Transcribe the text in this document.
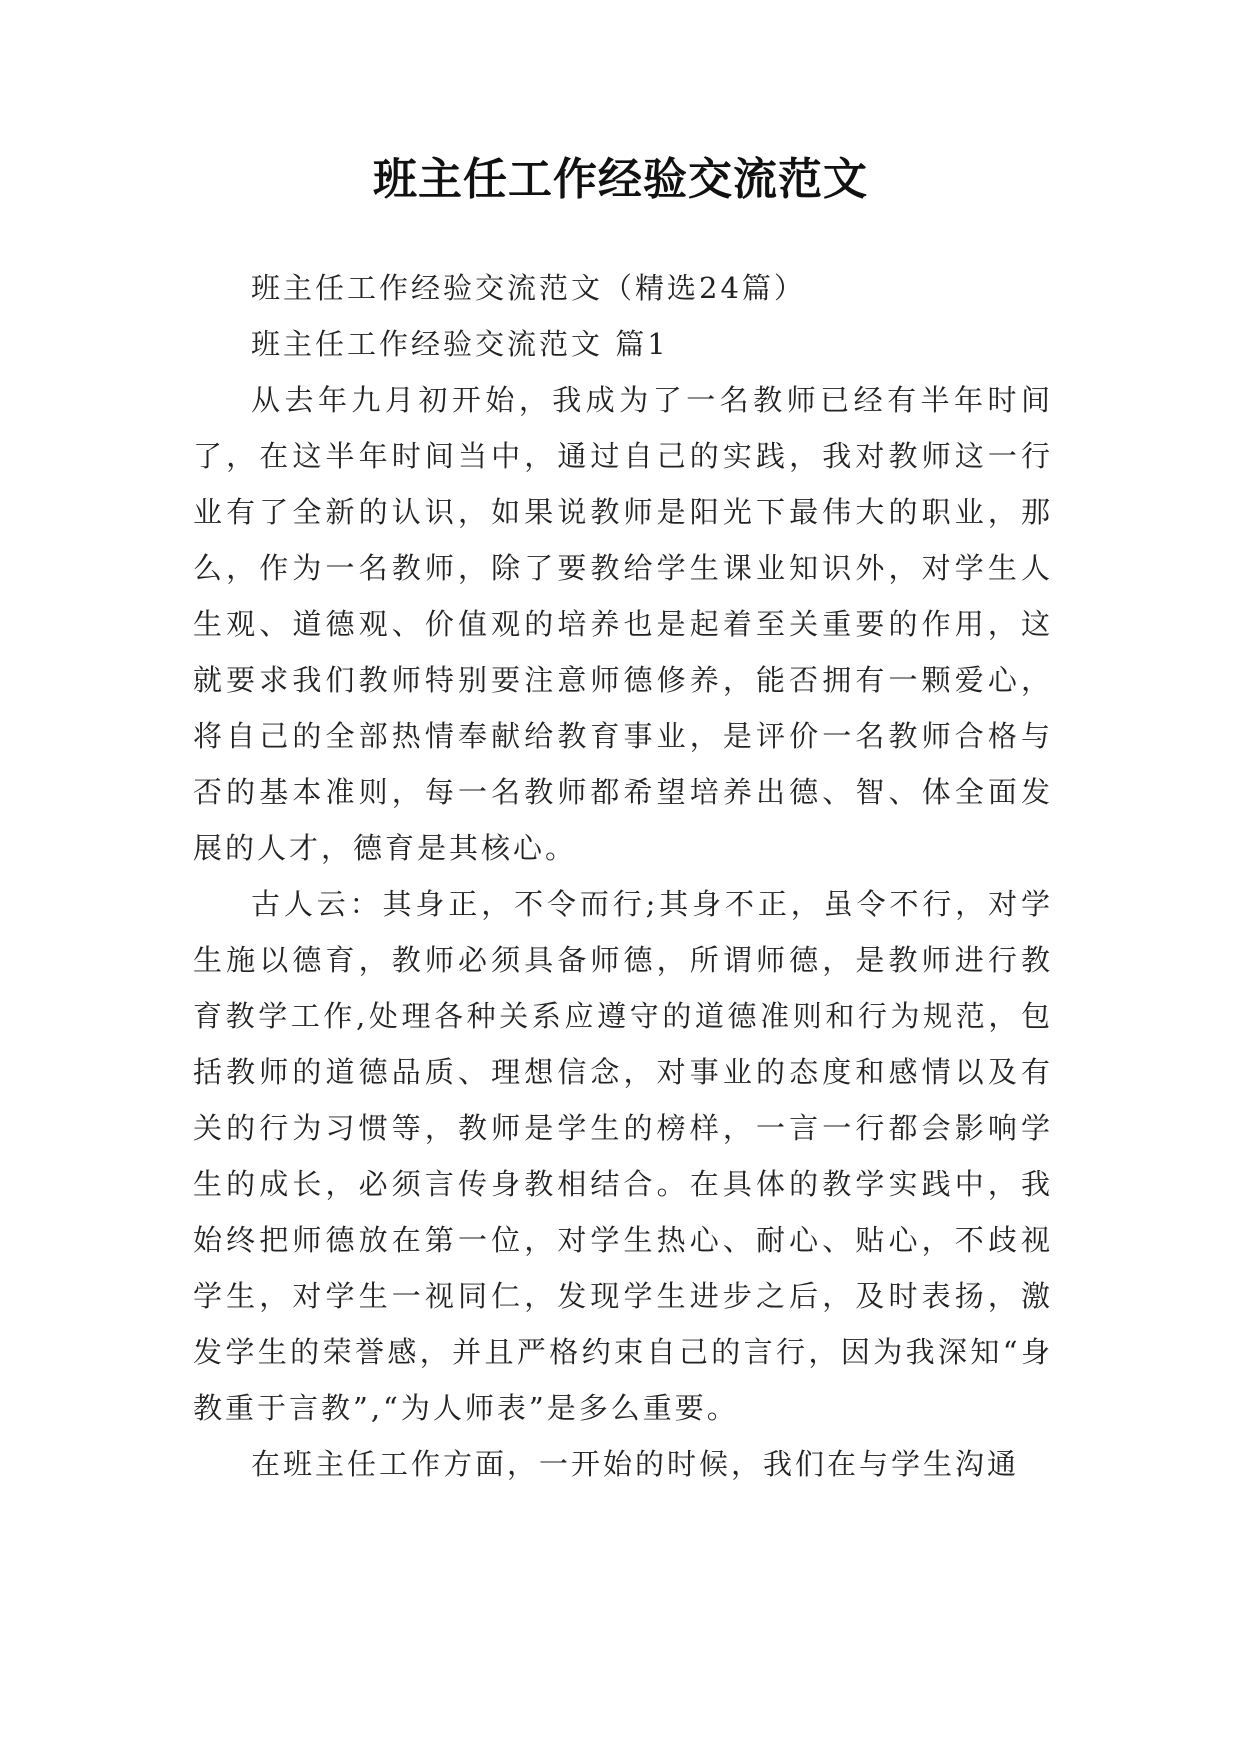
班主任工作经验交流范文

班主任工作经验交流范文（精选24篇）

班主任工作经验交流范文 篇1

从去年九月初开始，我成为了一名教师已经有半年时间了，在这半年时间当中，通过自己的实践，我对教师这一行业有了全新的认识，如果说教师是阳光下最伟大的职业，那么，作为一名教师，除了要教给学生课业知识外，对学生人生观、道德观、价值观的培养也是起着至关重要的作用，这就要求我们教师特别要注意师德修养，能否拥有一颗爱心，将自己的全部热情奉献给教育事业，是评价一名教师合格与否的基本准则，每一名教师都希望培养出德、智、体全面发展的人才，德育是其核心。

古人云：其身正，不令而行;其身不正，虽令不行，对学生施以德育，教师必须具备师德，所谓师德，是教师进行教育教学工作,处理各种关系应遵守的道德准则和行为规范，包括教师的道德品质、理想信念，对事业的态度和感情以及有关的行为习惯等，教师是学生的榜样，一言一行都会影响学生的成长，必须言传身教相结合。在具体的教学实践中，我始终把师德放在第一位，对学生热心、耐心、贴心，不歧视学生，对学生一视同仁，发现学生进步之后，及时表扬，激发学生的荣誉感，并且严格约束自己的言行，因为我深知“身教重于言教”,“为人师表”是多么重要。

在班主任工作方面，一开始的时候，我们在与学生沟通
